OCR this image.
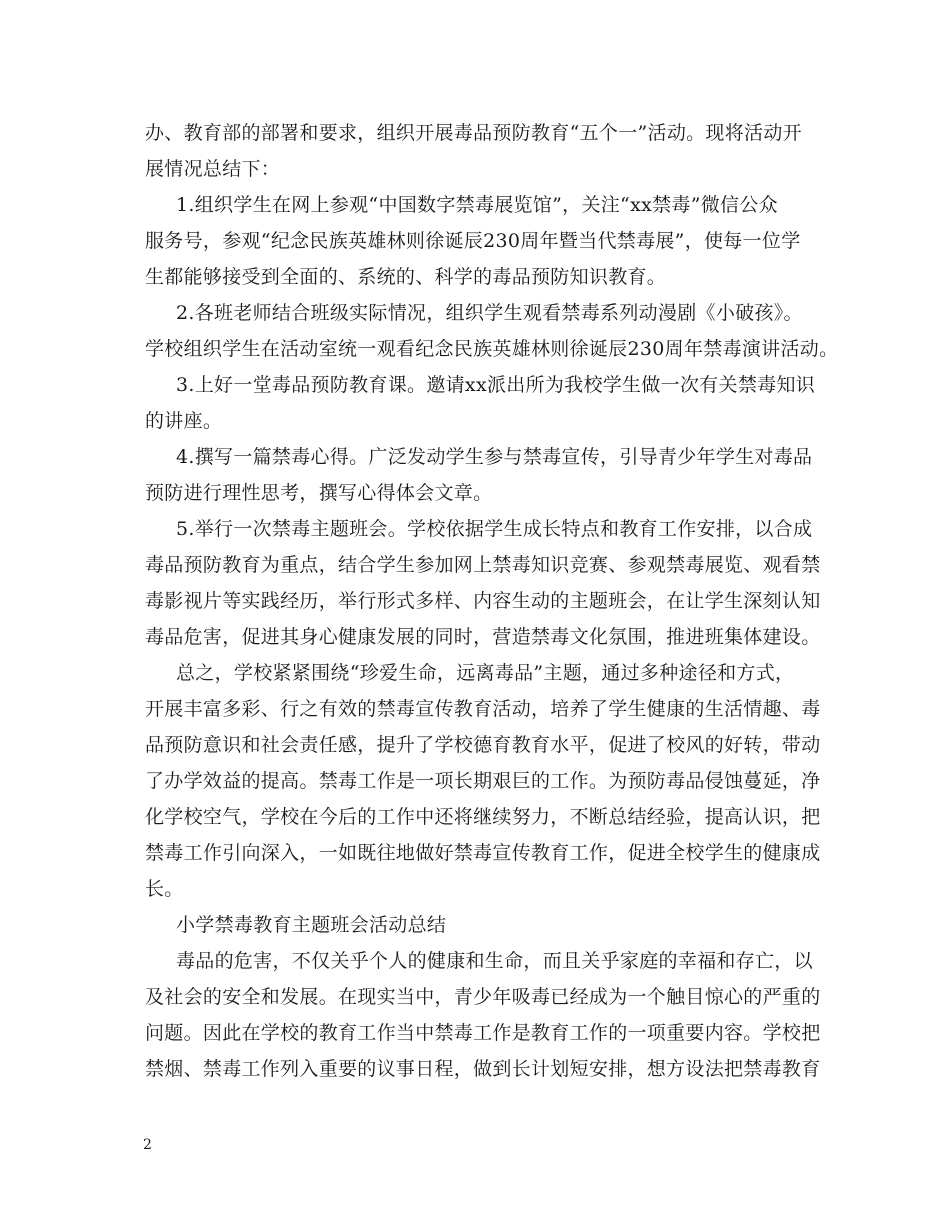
办、教育部的部署和要求，组织开展毒品预防教育“五个一”活动。现将活动开
展情况总结下：
1.组织学生在网上参观“中国数字禁毒展览馆”，关注“xx禁毒”微信公众
服务号，参观“纪念民族英雄林则徐诞辰230周年暨当代禁毒展”，使每一位学
生都能够接受到全面的、系统的、科学的毒品预防知识教育。
2.各班老师结合班级实际情况，组织学生观看禁毒系列动漫剧《小破孩》。
学校组织学生在活动室统一观看纪念民族英雄林则徐诞辰230周年禁毒演讲活动。
3.上好一堂毒品预防教育课。邀请xx派出所为我校学生做一次有关禁毒知识
的讲座。
4.撰写一篇禁毒心得。广泛发动学生参与禁毒宣传，引导青少年学生对毒品
预防进行理性思考，撰写心得体会文章。
5.举行一次禁毒主题班会。学校依据学生成长特点和教育工作安排，以合成
毒品预防教育为重点，结合学生参加网上禁毒知识竞赛、参观禁毒展览、观看禁
毒影视片等实践经历，举行形式多样、内容生动的主题班会，在让学生深刻认知
毒品危害，促进其身心健康发展的同时，营造禁毒文化氛围，推进班集体建设。
总之，学校紧紧围绕“珍爱生命，远离毒品”主题，通过多种途径和方式，
开展丰富多彩、行之有效的禁毒宣传教育活动，培养了学生健康的生活情趣、毒
品预防意识和社会责任感，提升了学校德育教育水平，促进了校风的好转，带动
了办学效益的提高。禁毒工作是一项长期艰巨的工作。为预防毒品侵蚀蔓延，净
化学校空气，学校在今后的工作中还将继续努力，不断总结经验，提高认识，把
禁毒工作引向深入，一如既往地做好禁毒宣传教育工作，促进全校学生的健康成
长。
小学禁毒教育主题班会活动总结
毒品的危害，不仅关乎个人的健康和生命，而且关乎家庭的幸福和存亡，以
及社会的安全和发展。在现实当中，青少年吸毒已经成为一个触目惊心的严重的
问题。因此在学校的教育工作当中禁毒工作是教育工作的一项重要内容。学校把
禁烟、禁毒工作列入重要的议事日程，做到长计划短安排，想方设法把禁毒教育
2
